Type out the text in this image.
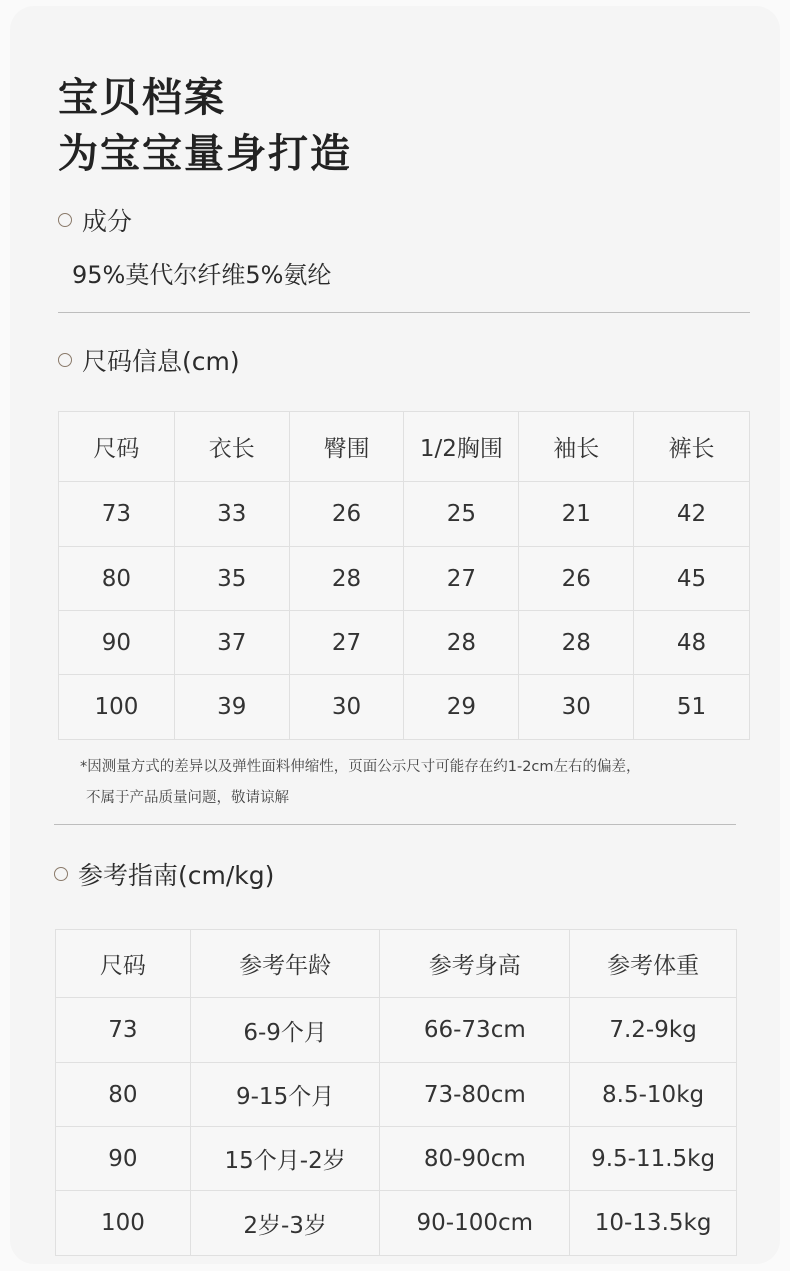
宝贝档案
为宝宝量身打造
成分
95%莫代尔纤维5%氨纶
尺码信息(cm)
尺码	衣长	臀围	1/2胸围	袖长	裤长
73	33	26	25	21	42
80	35	28	27	26	45
90	37	27	28	28	48
100	39	30	29	30	51
*因测量方式的差异以及弹性面料伸缩性，页面公示尺寸可能存在约1-2cm左右的偏差，
不属于产品质量问题，敬请谅解
参考指南(cm/kg)
尺码	参考年龄	参考身高	参考体重
73	6-9个月	66-73cm	7.2-9kg
80	9-15个月	73-80cm	8.5-10kg
90	15个月-2岁	80-90cm	9.5-11.5kg
100	2岁-3岁	90-100cm	10-13.5kg
